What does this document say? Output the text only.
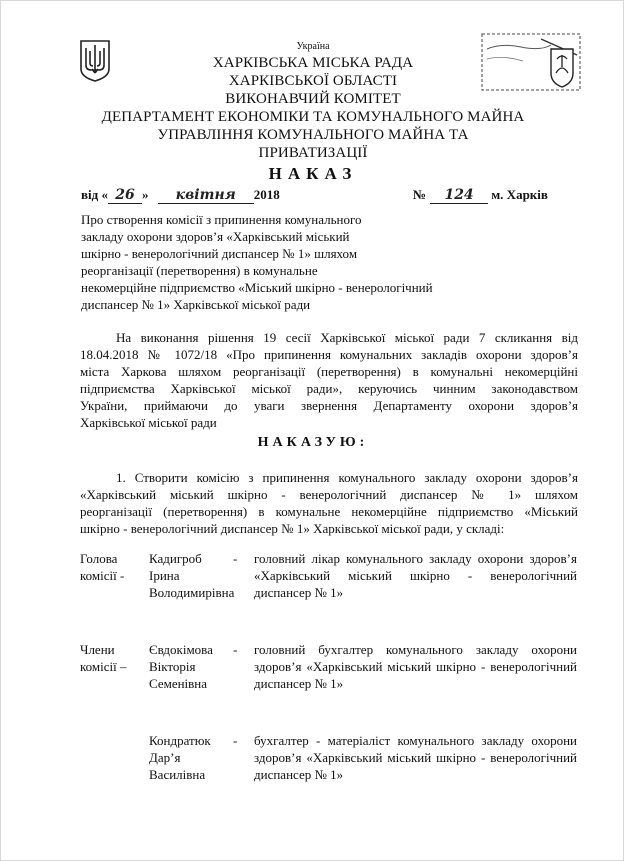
Україна
ХАРКІВСЬКА МІСЬКА РАДА
ХАРКІВСЬКОЇ ОБЛАСТІ
ВИКОНАВЧИЙ КОМІТЕТ
ДЕПАРТАМЕНТ ЕКОНОМІКИ ТА КОМУНАЛЬНОГО МАЙНА
УПРАВЛІННЯ КОМУНАЛЬНОГО МАЙНА ТА
ПРИВАТИЗАЦІЇ
НАКАЗ
від « 26 » квітня 2018	№ 124 м. Харків
Про створення комісії з припинення комунального
закладу охорони здоров’я «Харківський міський
шкірно - венерологічний диспансер № 1» шляхом
реорганізації (перетворення) в комунальне
некомерційне підприємство «Міський шкірно - венерологічний
диспансер № 1» Харківської міської ради
На виконання рішення 19 сесії Харківської міської ради 7 скликання від
18.04.2018 № 1072/18 «Про припинення комунальних закладів охорони здоров’я
міста Харкова шляхом реорганізації (перетворення) в комунальні некомерційні
підприємства Харківської міської ради», керуючись чинним законодавством
України, приймаючи до уваги звернення Департаменту охорони здоров’я
Харківської міської ради
НАКАЗУЮ:
1. Створити комісію з припинення комунального закладу охорони здоров’я
«Харківський міський шкірно - венерологічний диспансер № 1» шляхом
реорганізації (перетворення) в комунальне некомерційне підприємство «Міський
шкірно - венерологічний диспансер № 1» Харківської міської ради, у складі:
Голова
комісії -
Кадигроб
Ірина
Володимирівна
- головний лікар комунального закладу охорони здоров’я
«Харківський міський шкірно - венерологічний
диспансер № 1»
Члени
комісії –
Євдокімова
Вікторія
Семенівна
- головний бухгалтер комунального закладу охорони
здоров’я «Харківський міський шкірно - венерологічний
диспансер № 1»
Кондратюк
Дар’я
Василівна
- бухгалтер - матеріаліст комунального закладу охорони
здоров’я «Харківський міський шкірно - венерологічний
диспансер № 1»
